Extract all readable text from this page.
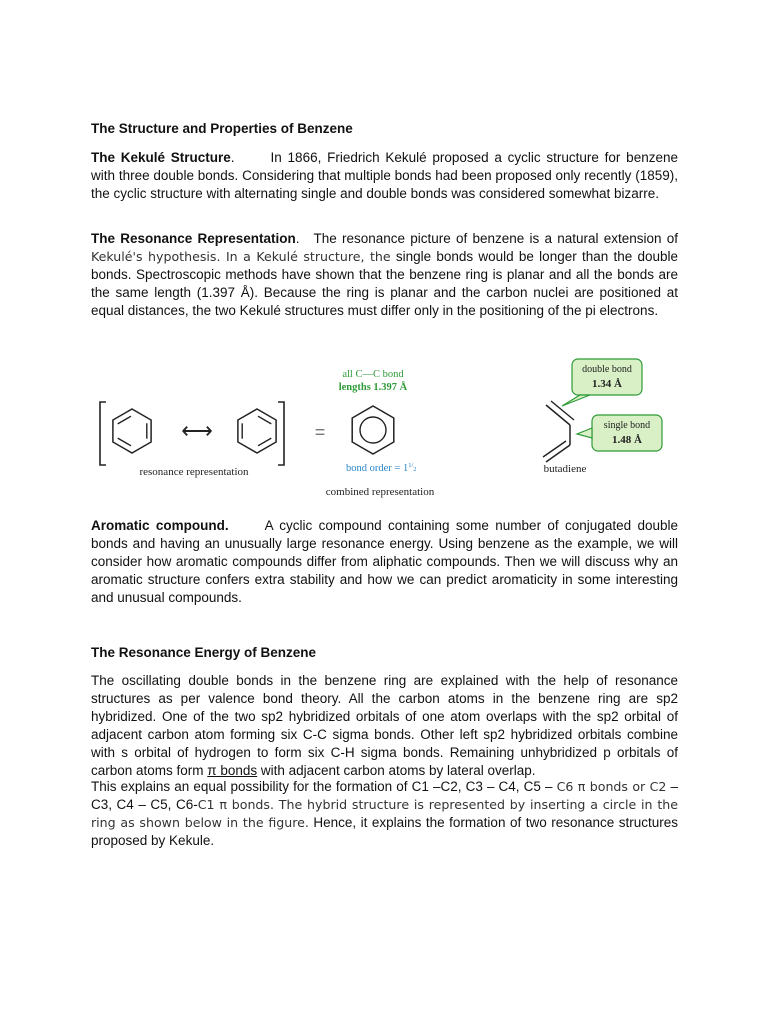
The Structure and Properties of Benzene

The Kekulé Structure.	In 1866, Friedrich Kekulé proposed a cyclic structure for benzene with three double bonds. Considering that multiple bonds had been proposed only recently (1859), the cyclic structure with alternating single and double bonds was considered somewhat bizarre.

The Resonance Representation. The resonance picture of benzene is a natural extension of Kekulé's hypothesis. In a Kekulé structure, the single bonds would be longer than the double bonds. Spectroscopic methods have shown that the benzene ring is planar and all the bonds are the same length (1.397 Å). Because the ring is planar and the carbon nuclei are positioned at equal distances, the two Kekulé structures must differ only in the positioning of the pi electrons.

⟷	=
resonance representation
all C—C bond
lengths 1.397 Å
bond order = $1^1/_2$
combined representation
double bond
1.34 Å
single bond
1.48 Å
butadiene

Aromatic compound.	A cyclic compound containing some number of conjugated double bonds and having an unusually large resonance energy. Using benzene as the example, we will consider how aromatic compounds differ from aliphatic compounds. Then we will discuss why an aromatic structure confers extra stability and how we can predict aromaticity in some interesting and unusual compounds.

The Resonance Energy of Benzene

The oscillating double bonds in the benzene ring are explained with the help of resonance structures as per valence bond theory. All the carbon atoms in the benzene ring are sp2 hybridized. One of the two sp2 hybridized orbitals of one atom overlaps with the sp2 orbital of adjacent carbon atom forming six C-C sigma bonds. Other left sp2 hybridized orbitals combine with s orbital of hydrogen to form six C-H sigma bonds. Remaining unhybridized p orbitals of carbon atoms form π bonds with adjacent carbon atoms by lateral overlap.

This explains an equal possibility for the formation of C1 –C2, C3 – C4, C5 – C6 π bonds or C2 – C3, C4 – C5, C6-C1 π bonds. The hybrid structure is represented by inserting a circle in the ring as shown below in the figure. Hence, it explains the formation of two resonance structures proposed by Kekule.
